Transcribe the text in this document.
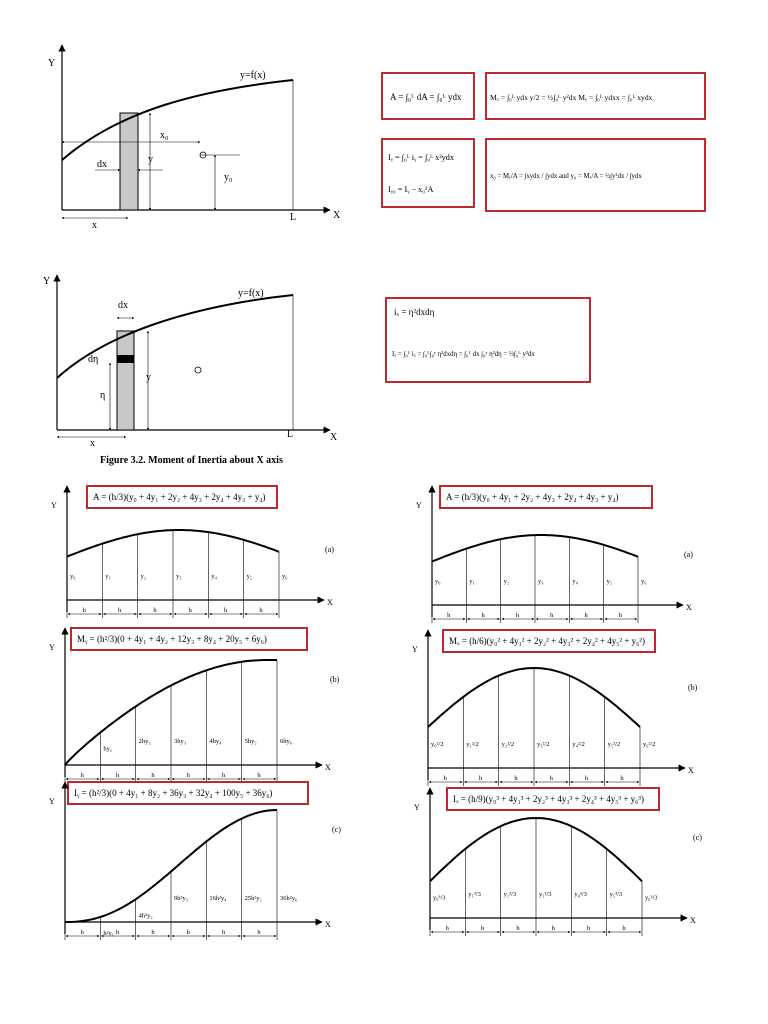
Y
X
y=f(x)
x₀
y
y₀
dx
L
x
A = ∫₀ᴸ dA = ∫₀ᴸ ydx	Mₓ = ∫₀ᴸ ydx y/2 = ½∫₀ᴸ y²dx Mᵧ = ∫₀ᴸ ydxx = ∫₀ᴸ xydx
Iᵧ = ∫₀ᴸ iᵧ = ∫₀ᴸ x²ydx
Iᵧ₀ = Iᵧ − x₀²A
x₀ = Mᵧ/A = ∫xydx / ∫ydx and y₀ = Mₓ/A = ½∫y²dx / ∫ydx
Y
X
y=f(x)
dx
dη
η
y
L
x
Figure 3.2. Moment of Inertia about X axis
iₓ = η²dxdη
Iₓ = ∫₀ᴸ iₓ = ∫₀ᴸ∫₀ʸ η²dxdη = ∫₀ᴸ dx ∫₀ʸ η²dη = ⅓∫₀ᴸ y³dx
A = (h/3)(y₀ + 4y₁ + 2y₂ + 4y₃ + 2y₄ + 4y₃ + y₄)
Y
X
y₀	y₁	y₂	y₃	y₄	y₅	y₆
h	h	h	h	h	h
(a)
A = (h/3)(y₀ + 4y₁ + 2y₂ + 4y₃ + 2y₄ + 4y₃ + y₄)
Y
X
y₀	y₁	y₂	y₃	y₄	y₅	y₆
h	h	h	h	h	h
(a)
Mᵧ = (h²/3)(0 + 4y₁ + 4y₂ + 12y₃ + 8y₄ + 20y₅ + 6y₆)
Y
X
hy₁
2hy₂	3hy₃	4hy₄	5hy₅	6hy₆
h	h	h	h	h	h
(b)
Mₓ = (h/6)(y₀² + 4y₁² + 2y₂² + 4y₃² + 2y₄² + 4y₅² + y₆²)
Y
X
y₀²/2	y₁²/2	y₂²/2	y₃²/2	y₄²/2	y₅²/2	y₆²/2
h	h	h	h	h	h
(b)
Iᵧ = (h²/3)(0 + 4y₁ + 8y₂ + 36y₃ + 32y₄ + 100y₅ + 36y₆)
Y
X
h²y₁
4h²y₂
9h²y₃	16h²y₄	25h²y₅	36h²y₆
h	h	h	h	h	h
(c)
Iₓ = (h/9)(y₀³ + 4y₁³ + 2y₂³ + 4y₃³ + 2y₄³ + 4y₅³ + y₆³)
Y
X
y₀³/3	y₁³/3	y₂³/3	y₃³/3	y₄³/3	y₅³/3	y₆³/3
h	h	h	h	h	h
(c)
